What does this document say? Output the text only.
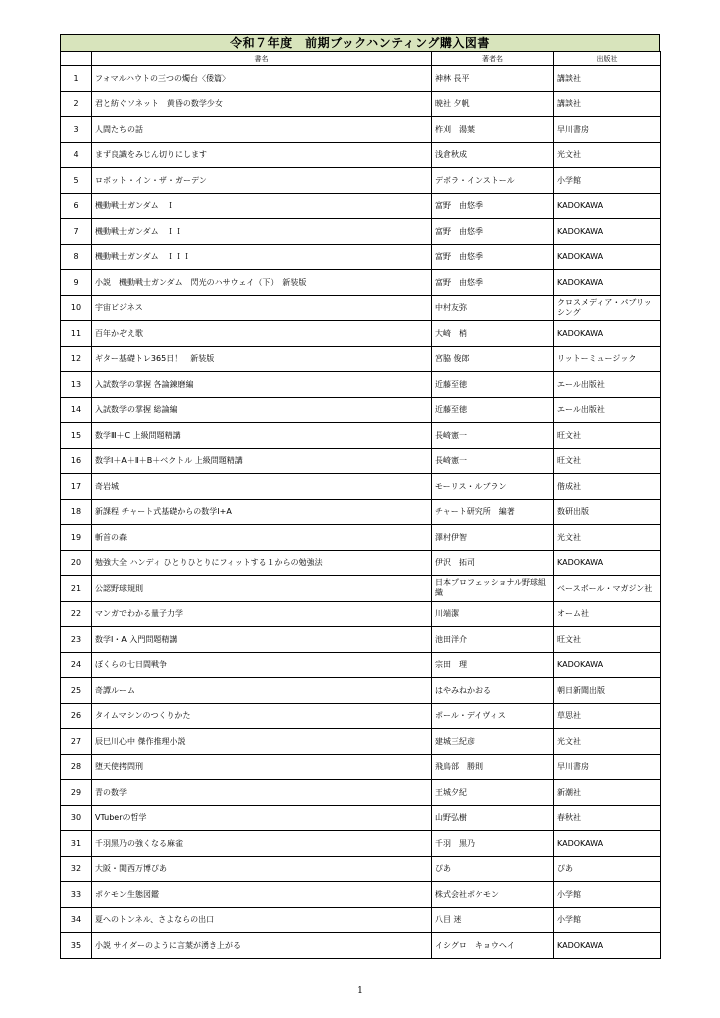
令和７年度　前期ブックハンティング購入図書
	書名	著者名	出版社
1	フォマルハウトの三つの燭台〈倭篇〉	神林 長平	講談社
2	君と紡ぐソネット　黄昏の数学少女	暁社 夕帆	講談社
3	人間たちの話	柞刈　湯葉	早川書房
4	まず良識をみじん切りにします	浅倉秋成	光文社
5	ロボット・イン・ザ・ガーデン	デボラ・インストール	小学館
6	機動戦士ガンダム　Ｉ	富野　由悠季	KADOKAWA
7	機動戦士ガンダム　ＩＩ	富野　由悠季	KADOKAWA
8	機動戦士ガンダム　ＩＩＩ	富野　由悠季	KADOKAWA
9	小説　機動戦士ガンダム　閃光のハサウェイ（下）　新装版	富野　由悠季	KADOKAWA
10	宇宙ビジネス	中村友弥	クロスメディア・パブリッシング
11	百年かぞえ歌	大崎　梢	KADOKAWA
12	ギター基礎トレ365日！　新装版	宮脇 俊郎	リットーミュージック
13	入試数学の掌握 各論錬磨編	近藤至徳	エール出版社
14	入試数学の掌握 総論編	近藤至徳	エール出版社
15	数学Ⅲ＋C 上級問題精講	長崎憲一	旺文社
16	数学Ⅰ＋A＋Ⅱ＋B＋ベクトル 上級問題精講	長崎憲一	旺文社
17	奇岩城	モーリス・ルブラン	偕成社
18	新課程 チャート式基礎からの数学Ⅰ+A	チャート研究所　編著	数研出版
19	斬首の森	澤村伊智	光文社
20	勉強大全 ハンディ ひとりひとりにフィットする１からの勉強法	伊沢　拓司	KADOKAWA
21	公認野球規則	日本プロフェッショナル野球組織	ベースボール・マガジン社
22	マンガでわかる量子力学	川端潔	オーム社
23	数学Ⅰ・A 入門問題精講	池田洋介	旺文社
24	ぼくらの七日間戦争	宗田　理	KADOKAWA
25	奇譚ルーム	はやみねかおる	朝日新聞出版
26	タイムマシンのつくりかた	ポール・デイヴィス	草思社
27	辰巳川心中 傑作推理小説	建城三紀彦	光文社
28	堕天使拷問刑	飛鳥部　勝則	早川書房
29	青の数学	王城夕紀	新潮社
30	VTuberの哲学	山野弘樹	春秋社
31	千羽黑乃の強くなる麻雀	千羽　黒乃	KADOKAWA
32	大阪・関西万博ぴあ	ぴあ	ぴあ
33	ポケモン生態図鑑	株式会社ポケモン	小学館
34	夏へのトンネル、さよならの出口	八目 迷	小学館
35	小説 サイダーのように言葉が湧き上がる	イシグロ　キョウヘイ	KADOKAWA
1
